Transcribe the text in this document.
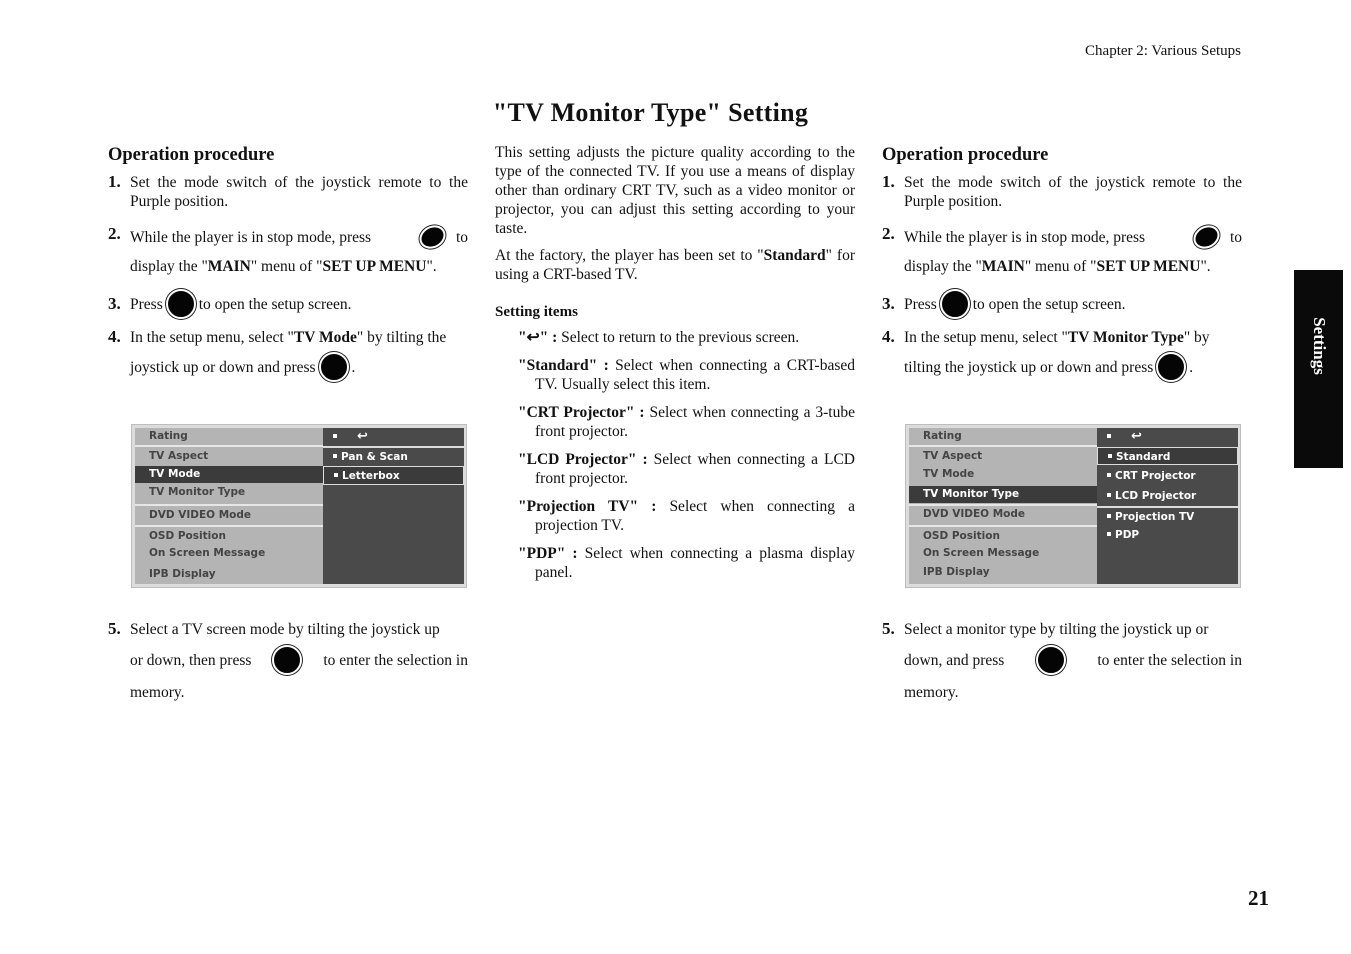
Chapter 2: Various Setups
"TV Monitor Type" Setting
Settings
21
Operation procedure
1. Set the mode switch of the joystick remote to the Purple position.
2. While the player is in stop mode, press	to
display the "MAIN" menu of "SET UP MENU".
3. Press to open the setup screen.
4. In the setup menu, select "TV Mode" by tilting the
joystick up or down and press .
Rating
TV Aspect
TV Mode
TV Monitor Type
DVD VIDEO Mode
OSD Position
On Screen Message
IPB Display
↩
Pan & Scan
Letterbox
5. Select a TV screen mode by tilting the joystick up
or down, then press	to enter the selection in
memory.

This setting adjusts the picture quality according to the type of the connected TV. If you use a means of display other than ordinary CRT TV, such as a video monitor or projector, you can adjust this setting according to your taste.

At the factory, the player has been set to "Standard" for using a CRT-based TV.

Setting items
"↩" : Select to return to the previous screen.
"Standard" : Select when connecting a CRT-based TV. Usually select this item.
"CRT Projector" : Select when connecting a 3-tube front projector.
"LCD Projector" : Select when connecting a LCD front projector.
"Projection TV" : Select when connecting a projection TV.
"PDP" : Select when connecting a plasma display panel.
Operation procedure
1. Set the mode switch of the joystick remote to the Purple position.
2. While the player is in stop mode, press	to
display the "MAIN" menu of "SET UP MENU".
3. Press to open the setup screen.
4. In the setup menu, select "TV Monitor Type" by
tilting the joystick up or down and press .
Rating
TV Aspect
TV Mode
TV Monitor Type
DVD VIDEO Mode
OSD Position
On Screen Message
IPB Display
↩
Standard
CRT Projector
LCD Projector
Projection TV
PDP
5. Select a monitor type by tilting the joystick up or
down, and press	to enter the selection in
memory.
